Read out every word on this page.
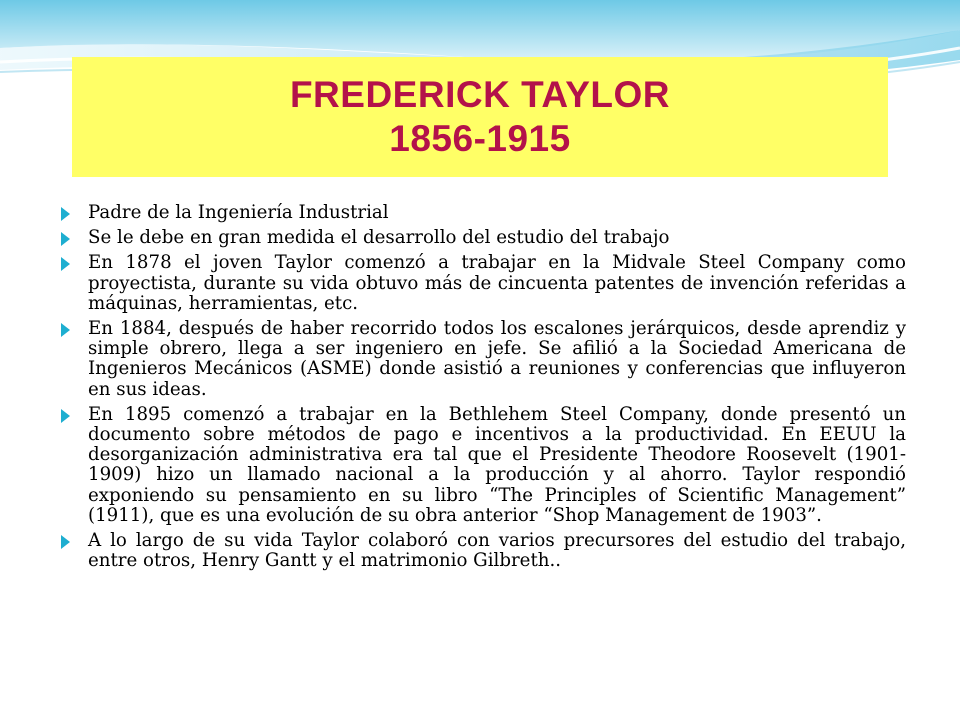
FREDERICK TAYLOR
1856-1915
Padre de la Ingeniería Industrial
Se le debe en gran medida el desarrollo del estudio del trabajo
En 1878 el joven Taylor comenzó a trabajar en la Midvale Steel Company como proyectista, durante su vida obtuvo más de cincuenta patentes de invención referidas a máquinas, herramientas, etc.
En 1884, después de haber recorrido todos los escalones jerárquicos, desde aprendiz y simple obrero, llega a ser ingeniero en jefe. Se afilió a la Sociedad Americana de Ingenieros Mecánicos (ASME) donde asistió a reuniones y conferencias que influyeron en sus ideas.
En 1895 comenzó a trabajar en la Bethlehem Steel Company, donde presentó un documento sobre métodos de pago e incentivos a la productividad. En EEUU la desorganización administrativa era tal que el Presidente Theodore Roosevelt (1901-1909) hizo un llamado nacional a la producción y al ahorro. Taylor respondió exponiendo su pensamiento en su libro “The Principles of Scientific Management” (1911), que es una evolución de su obra anterior “Shop Management de 1903”.
A lo largo de su vida Taylor colaboró con varios precursores del estudio del trabajo, entre otros, Henry Gantt y el matrimonio Gilbreth..
